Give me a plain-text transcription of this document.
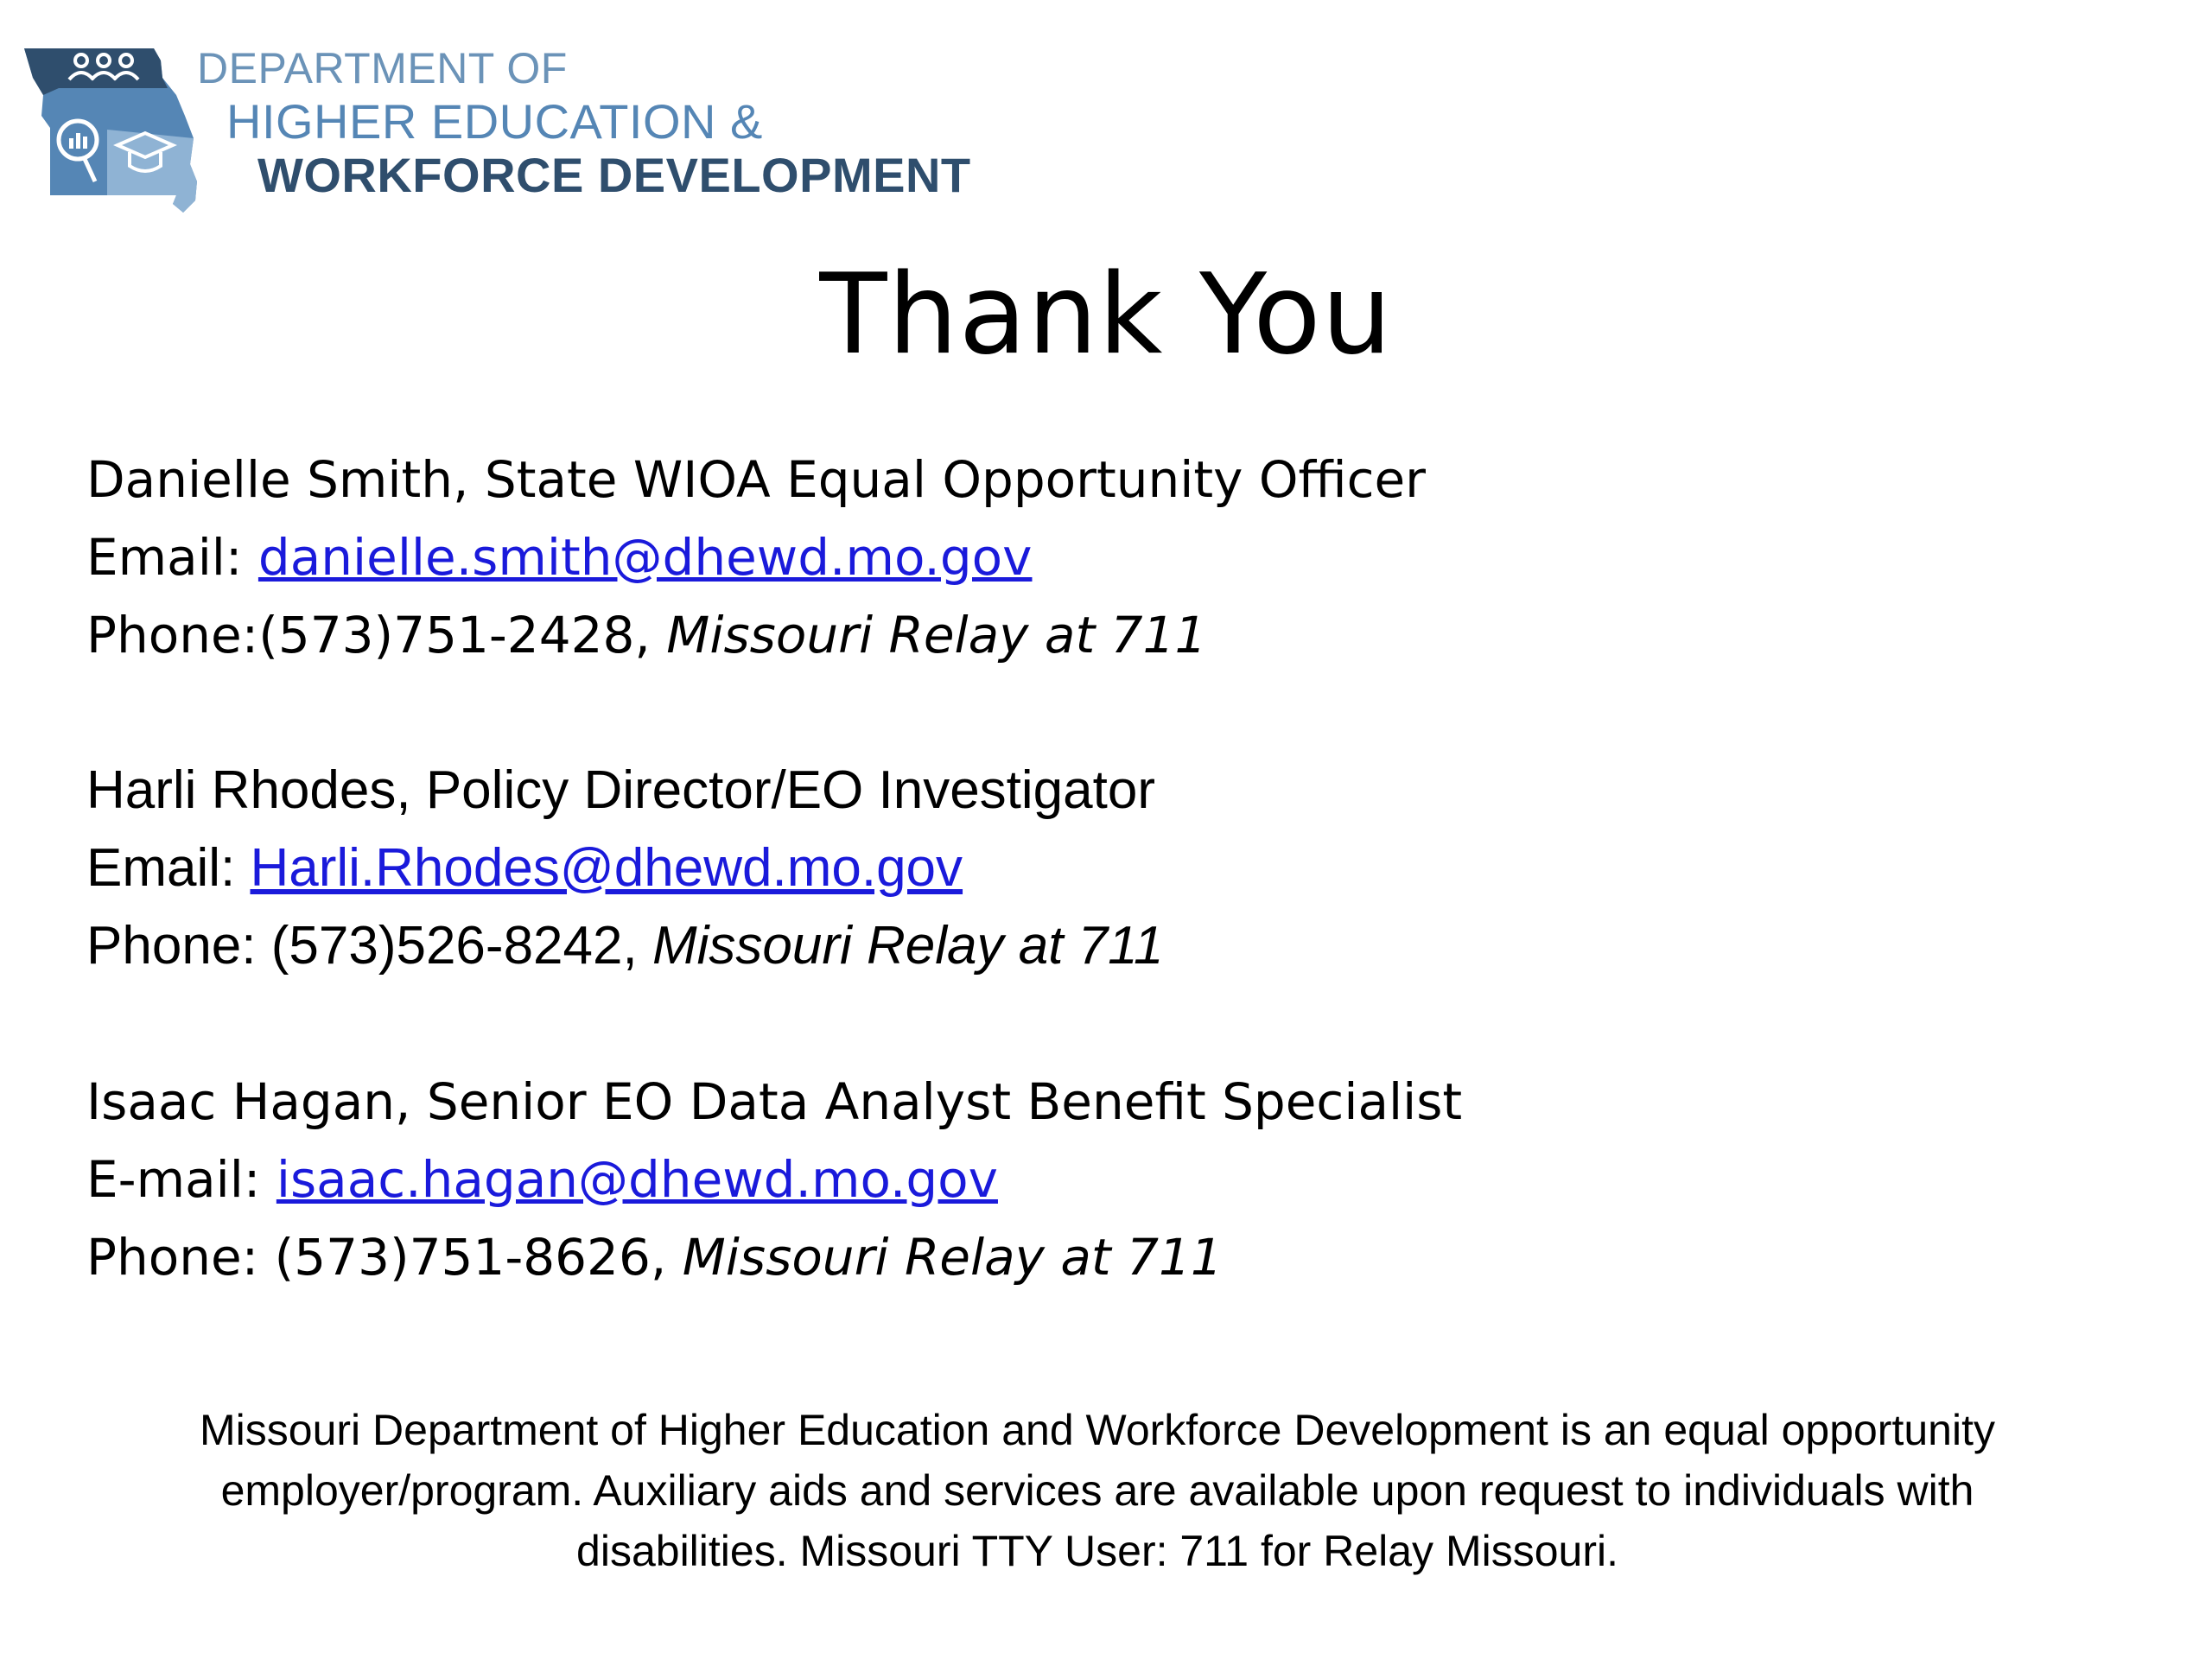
DEPARTMENT OF
HIGHER EDUCATION &
WORKFORCE DEVELOPMENT
Thank You
Danielle Smith, State WIOA Equal Opportunity Officer
Email: danielle.smith@dhewd.mo.gov
Phone:(573)751-2428, Missouri Relay at 711
Harli Rhodes, Policy Director/EO Investigator
Email: Harli.Rhodes@dhewd.mo.gov
Phone: (573)526-8242, Missouri Relay at 711
Isaac Hagan, Senior EO Data Analyst Benefit Specialist
E-mail: isaac.hagan@dhewd.mo.gov
Phone: (573)751-8626, Missouri Relay at 711
Missouri Department of Higher Education and Workforce Development is an equal opportunity
employer/program. Auxiliary aids and services are available upon request to individuals with
disabilities. Missouri TTY User: 711 for Relay Missouri.
